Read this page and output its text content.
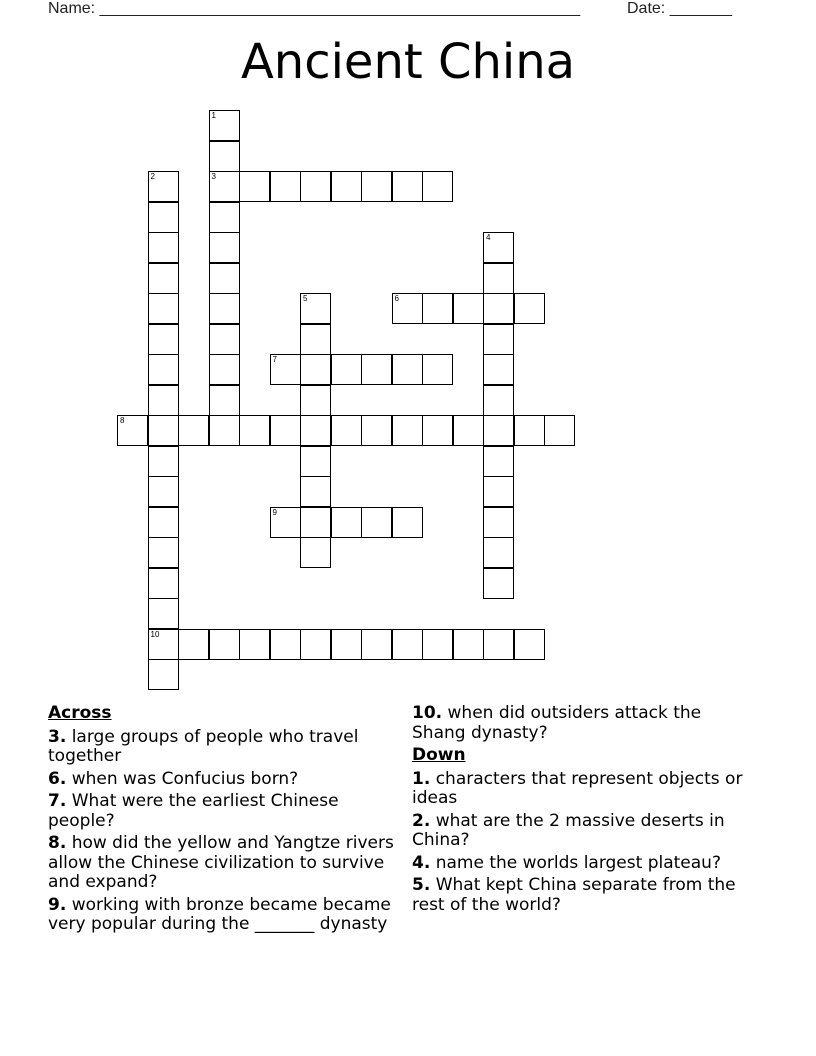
Name: ______________________________________________________	Date: _______
Ancient China
1
3
2
10
4
5	6
7
8
9
Across
3. large groups of people who travel together
6. when was Confucius born?
7. What were the earliest Chinese people?
8. how did the yellow and Yangtze rivers allow the Chinese civilization to survive and expand?
9. working with bronze became became very popular during the _______ dynasty
10. when did outsiders attack the Shang dynasty?
Down
1. characters that represent objects or ideas
2. what are the 2 massive deserts in China?
4. name the worlds largest plateau?
5. What kept China separate from the rest of the world?
